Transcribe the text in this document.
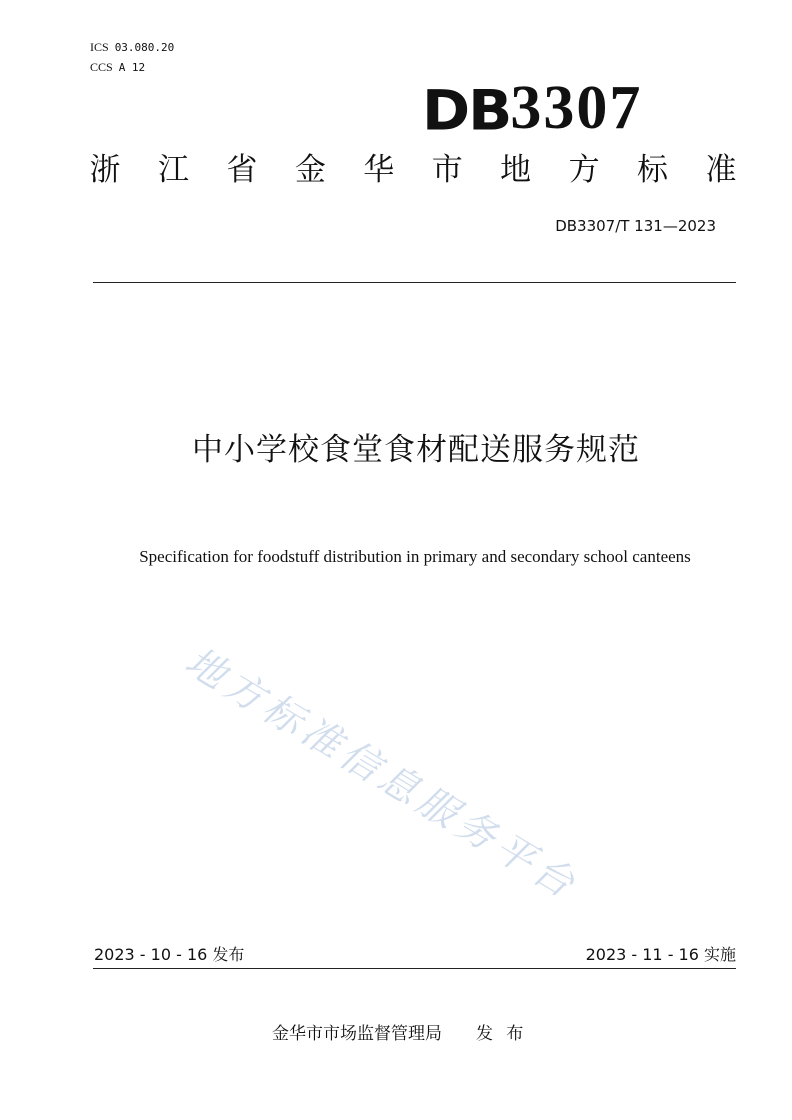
ICS 03.080.20
CCS A 12
DB 3307
浙 江 省 金 华 市 地 方 标 准
DB3307/T 131—2023
中小学校食堂食材配送服务规范
Specification for foodstuff distribution in primary and secondary school canteens
地方标准信息服务平台
2023 - 10 - 16 发布	2023 - 11 - 16 实施
金华市市场监督管理局 发 布
